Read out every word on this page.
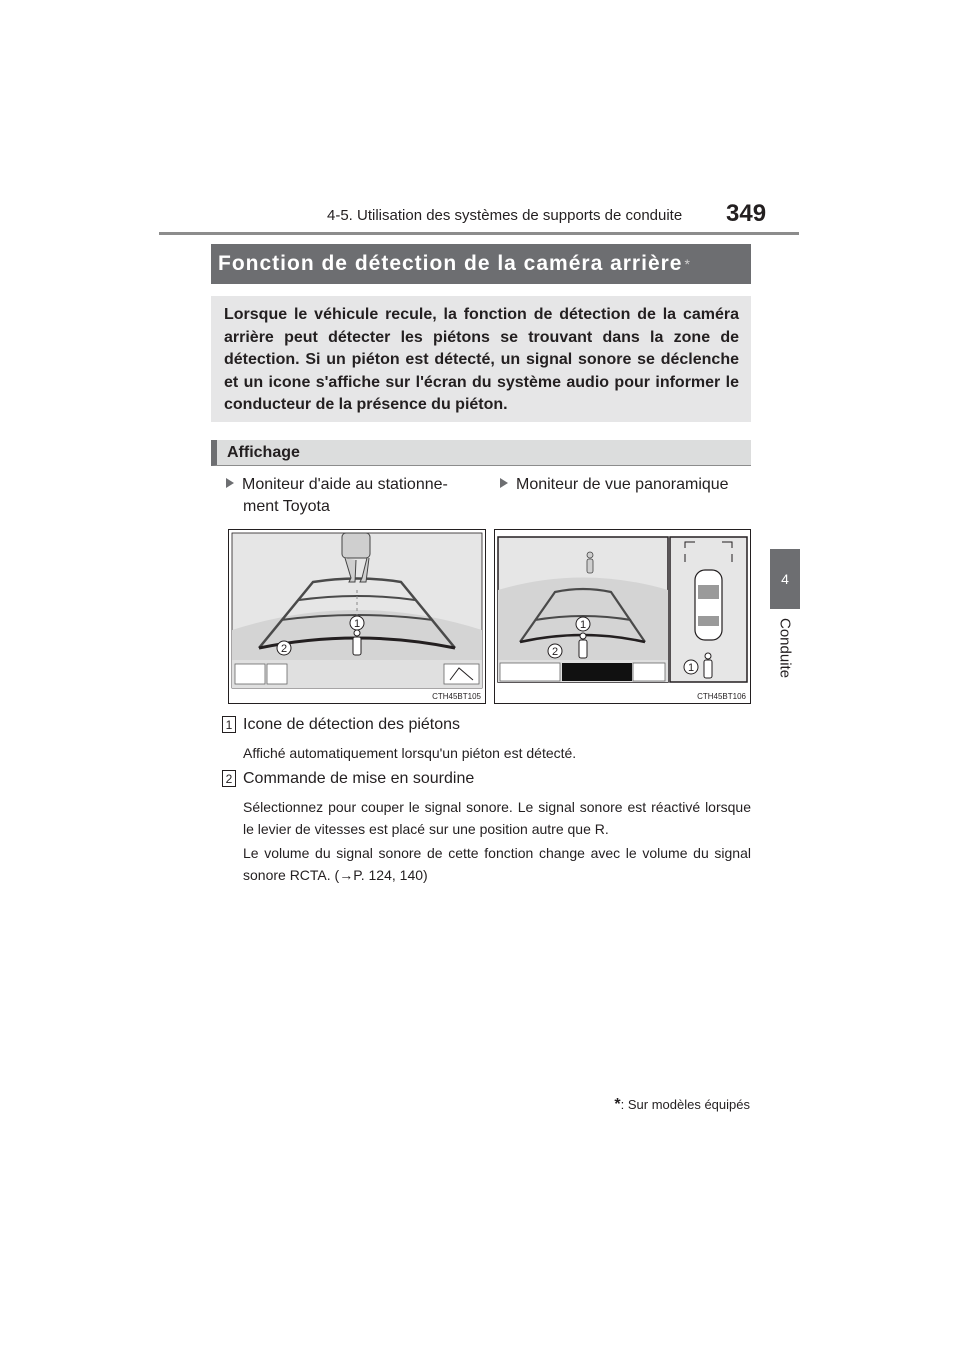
4-5. Utilisation des systèmes de supports de conduite 349
4
Conduite
Fonction de détection de la caméra arrière *
Lorsque le véhicule recule, la fonction de détection de la caméra arrière peut détecter les piétons se trouvant dans la zone de détection. Si un piéton est détecté, un signal sonore se déclenche et un icone s'affiche sur l'écran du système audio pour informer le conducteur de la présence du piéton.
Affichage
Moniteur d'aide au stationne-
ment Toyota
Moniteur de vue panoramique
1
2
CTH45BT105
1
2
1
CTH45BT106
1 Icone de détection des piétons
Affiché automatiquement lorsqu'un piéton est détecté.
2 Commande de mise en sourdine

Sélectionnez pour couper le signal sonore. Le signal sonore est réactivé lorsque le levier de vitesses est placé sur une position autre que R.

Le volume du signal sonore de cette fonction change avec le volume du signal sonore RCTA. (→P. 124, 140)

*: Sur modèles équipés
